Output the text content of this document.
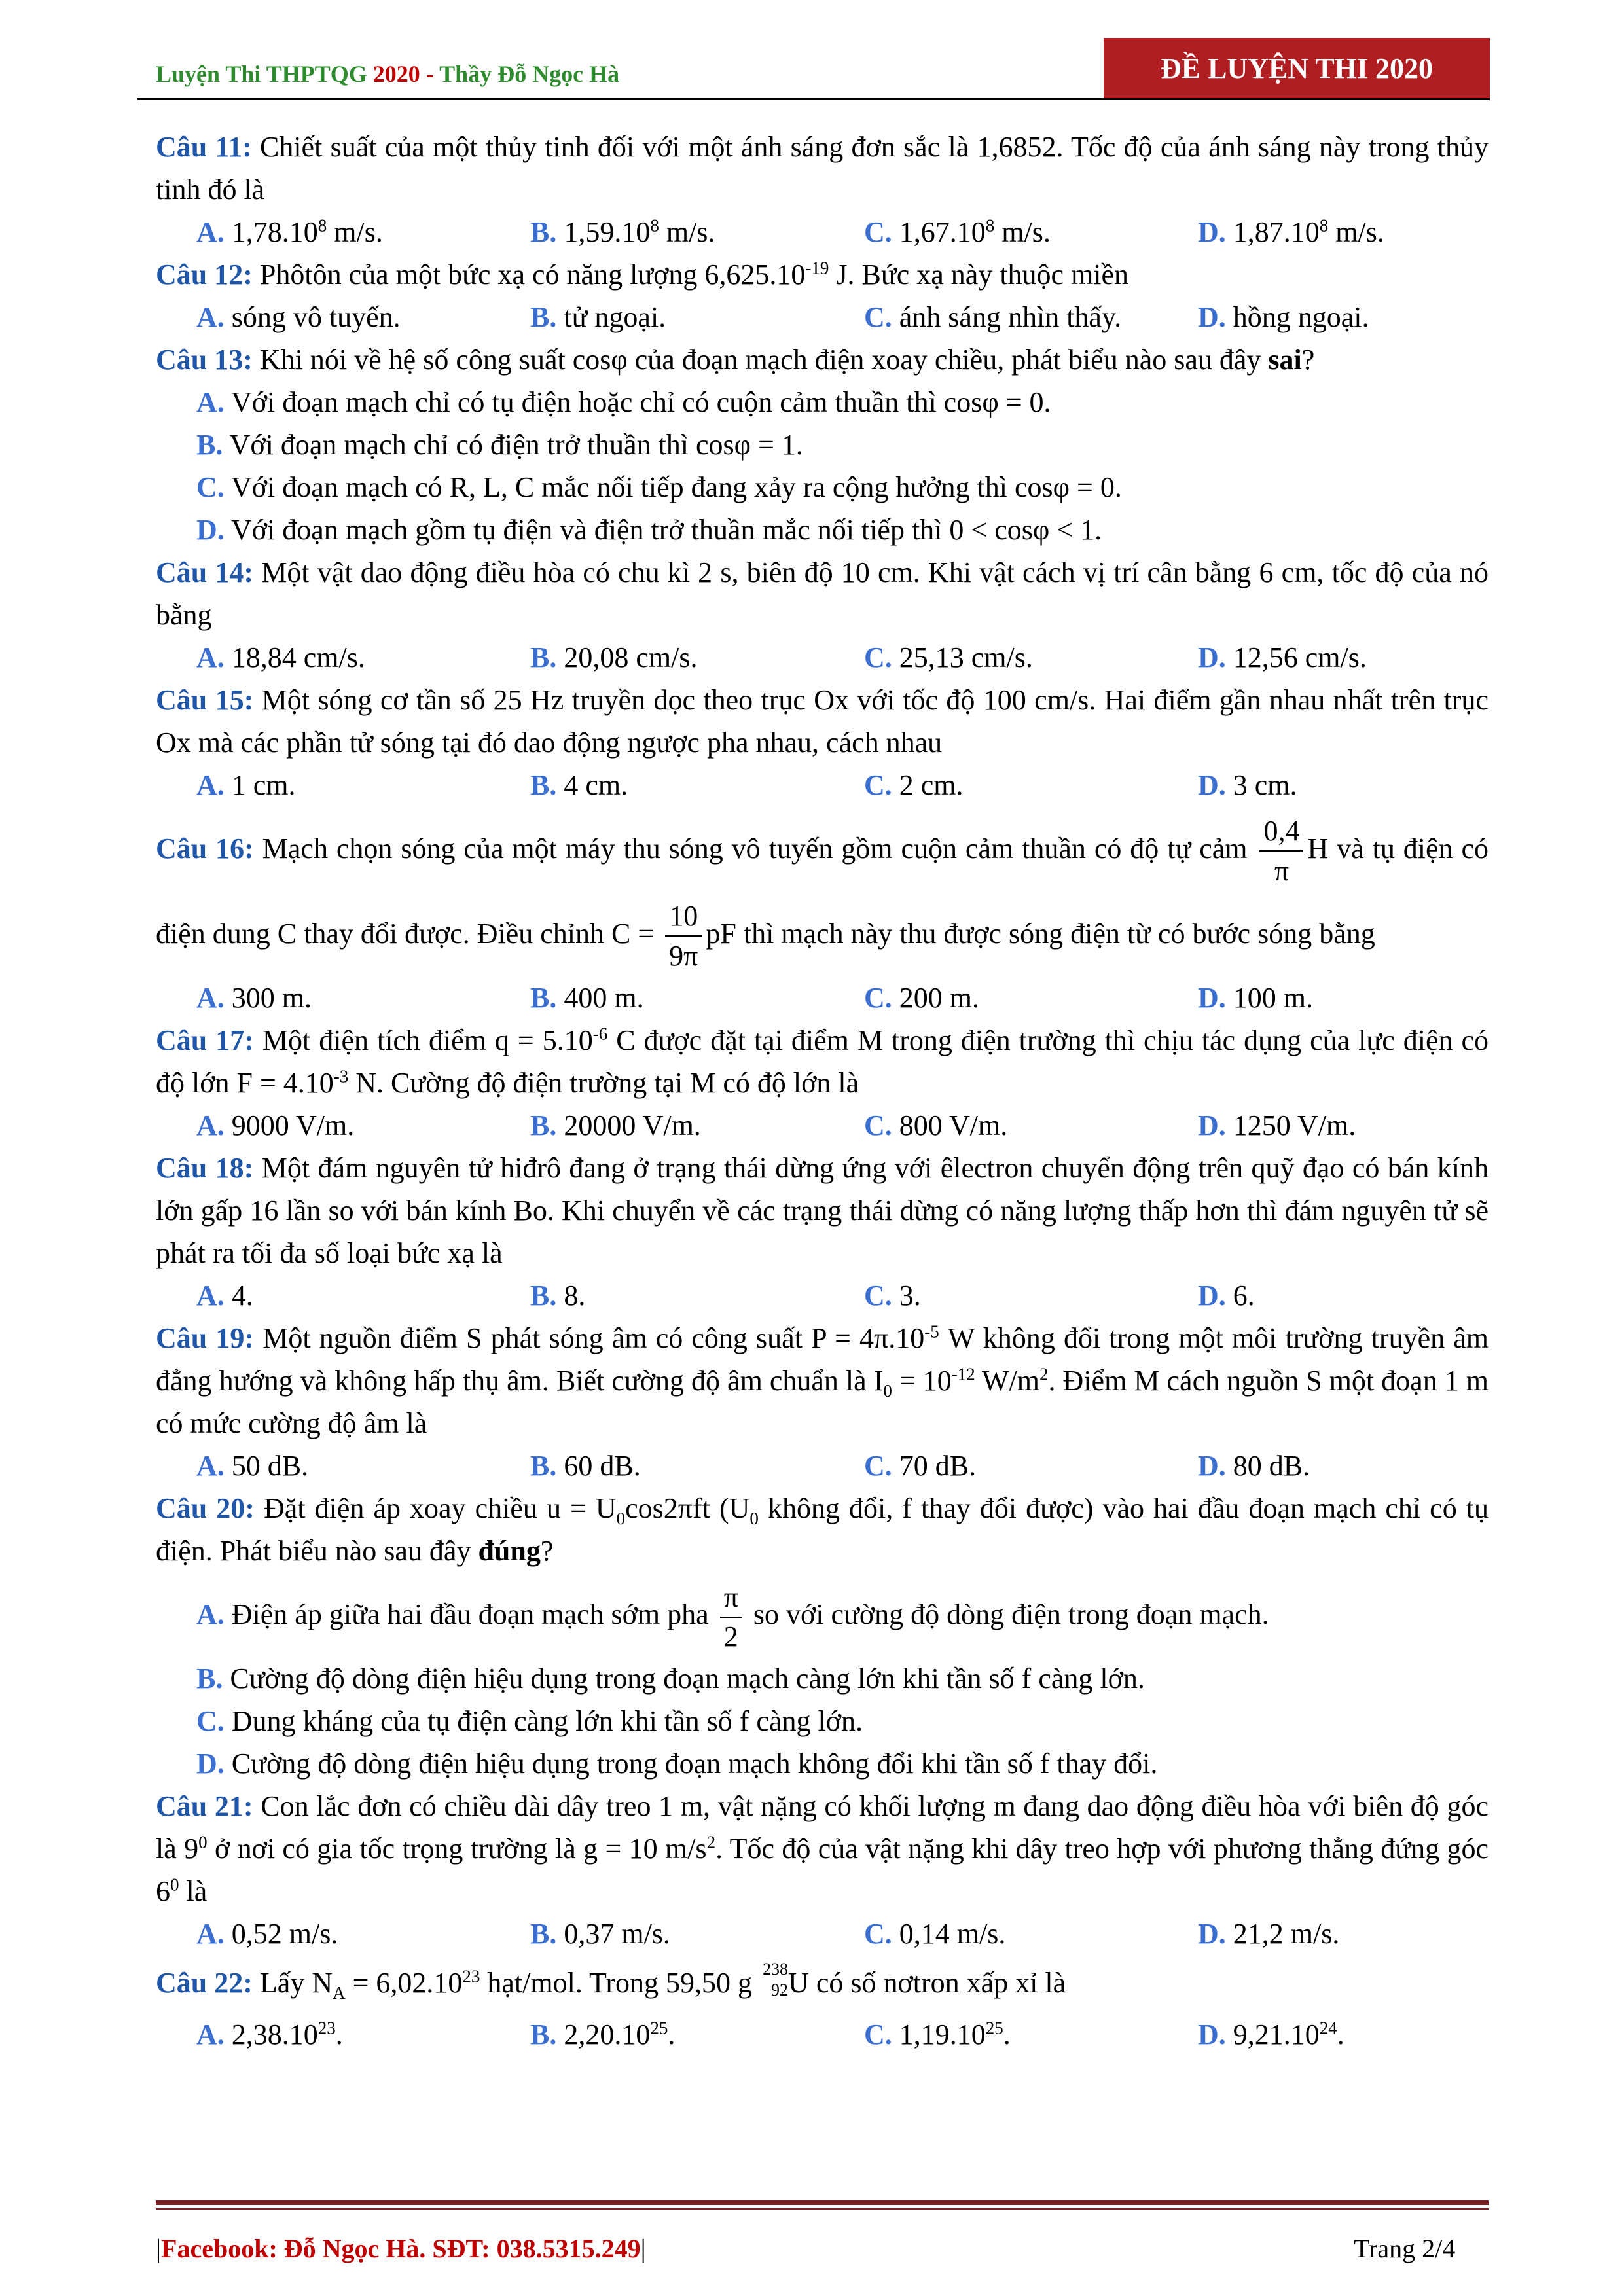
Luyện Thi THPTQG 2020 - Thầy Đỗ Ngọc Hà	ĐỀ LUYỆN THI 2020

Câu 11: Chiết suất của một thủy tinh đối với một ánh sáng đơn sắc là 1,6852. Tốc độ của ánh sáng này trong thủy tinh đó là

A. 1,78.10$^8$ m/s.	B. 1,59.10$^8$ m/s.	C. 1,67.10$^8$ m/s.	D. 1,87.10$^8$ m/s.

Câu 12: Phôtôn của một bức xạ có năng lượng $6,625.10^{-19}$ J. Bức xạ này thuộc miền

A. sóng vô tuyến.	B. tử ngoại.	C. ánh sáng nhìn thấy.	D. hồng ngoại.

Câu 13: Khi nói về hệ số công suất cosφ của đoạn mạch điện xoay chiều, phát biểu nào sau đây sai?

A. Với đoạn mạch chỉ có tụ điện hoặc chỉ có cuộn cảm thuần thì cosφ = 0.

B. Với đoạn mạch chỉ có điện trở thuần thì cosφ = 1.

C. Với đoạn mạch có R, L, C mắc nối tiếp đang xảy ra cộng hưởng thì cosφ = 0.

D. Với đoạn mạch gồm tụ điện và điện trở thuần mắc nối tiếp thì 0 < cosφ < 1.

Câu 14: Một vật dao động điều hòa có chu kì 2 s, biên độ 10 cm. Khi vật cách vị trí cân bằng 6 cm, tốc độ của nó bằng

A. 18,84 cm/s.	B. 20,08 cm/s.	C. 25,13 cm/s.	D. 12,56 cm/s.

Câu 15: Một sóng cơ tần số 25 Hz truyền dọc theo trục Ox với tốc độ 100 cm/s. Hai điểm gần nhau nhất trên trục Ox mà các phần tử sóng tại đó dao động ngược pha nhau, cách nhau

A. 1 cm.	B. 4 cm.	C. 2 cm.	D. 3 cm.

Câu 16: Mạch chọn sóng của một máy thu sóng vô tuyến gồm cuộn cảm thuần có độ tự cảm $\frac{0,4}{\pi}$ H và tụ điện có điện dung C thay đổi được. Điều chỉnh $C = \frac{10}{9\pi}$ pF thì mạch này thu được sóng điện từ có bước sóng bằng

A. 300 m.	B. 400 m.	C. 200 m.	D. 100 m.

Câu 17: Một điện tích điểm $q = 5.10^{-6}$ C được đặt tại điểm M trong điện trường thì chịu tác dụng của lực điện có độ lớn $F = 4.10^{-3}$ N. Cường độ điện trường tại M có độ lớn là

A. 9000 V/m.	B. 20000 V/m.	C. 800 V/m.	D. 1250 V/m.

Câu 18: Một đám nguyên tử hiđrô đang ở trạng thái dừng ứng với êlectron chuyển động trên quỹ đạo có bán kính lớn gấp 16 lần so với bán kính Bo. Khi chuyển về các trạng thái dừng có năng lượng thấp hơn thì đám nguyên tử sẽ phát ra tối đa số loại bức xạ là

A. 4.	B. 8.	C. 3.	D. 6.

Câu 19: Một nguồn điểm S phát sóng âm có công suất $P = 4\pi.10^{-5}$ W không đổi trong một môi trường truyền âm đẳng hướng và không hấp thụ âm. Biết cường độ âm chuẩn là $I_0 = 10^{-12}$ $W/m^2$. Điểm M cách nguồn S một đoạn 1 m có mức cường độ âm là

A. 50 dB.	B. 60 dB.	C. 70 dB.	D. 80 dB.

Câu 20: Đặt điện áp xoay chiều $u = U_0\cos 2\pi ft$ ($U_0$ không đổi, f thay đổi được) vào hai đầu đoạn mạch chỉ có tụ điện. Phát biểu nào sau đây đúng?

A. Điện áp giữa hai đầu đoạn mạch sớm pha $\frac{\pi}{2}$ so với cường độ dòng điện trong đoạn mạch.

B. Cường độ dòng điện hiệu dụng trong đoạn mạch càng lớn khi tần số f càng lớn.

C. Dung kháng của tụ điện càng lớn khi tần số f càng lớn.

D. Cường độ dòng điện hiệu dụng trong đoạn mạch không đổi khi tần số f thay đổi.

Câu 21: Con lắc đơn có chiều dài dây treo 1 m, vật nặng có khối lượng m đang dao động điều hòa với biên độ góc là $9^0$ ở nơi có gia tốc trọng trường là g = 10 $m/s^2$. Tốc độ của vật nặng khi dây treo hợp với phương thẳng đứng góc $6^0$ là

A. 0,52 m/s.	B. 0,37 m/s.	C. 0,14 m/s.	D. 21,2 m/s.

Câu 22: Lấy $N_A = 6,02.10^{23}$ hạt/mol. Trong 59,50 g 238
92 U có số nơtron xấp xỉ là

A. 2,38.10$^{23}$.	B. 2,20.10$^{25}$.	C. 1,19.10$^{25}$.	D. 9,21.10$^{24}$.
|Facebook: Đỗ Ngọc Hà. SĐT: 038.5315.249|	Trang 2/4
